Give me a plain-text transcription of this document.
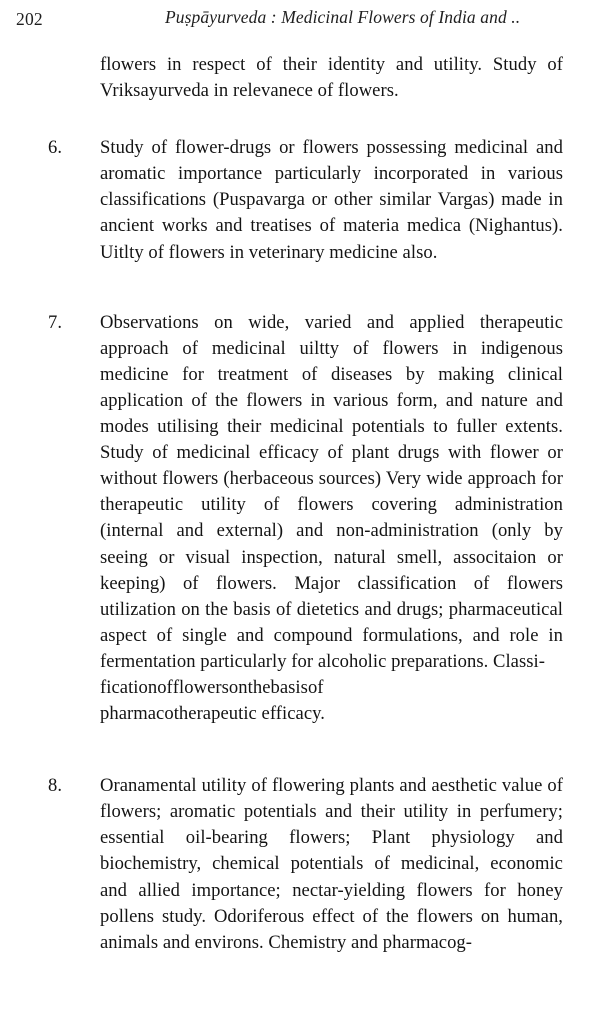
202	Puṣpāyurveda : Medicinal Flowers of India and ..

flowers in respect of their identity and utility. Study of Vriksayurveda in relevanece of flowers.

6.	Study of flower-drugs or flowers possessing medicinal and aromatic importance particularly incorporated in various classifications (Puspavarga or other similar Vargas) made in ancient works and treatises of materia medica (Nighantus). Uitlty of flowers in veterinary medicine also.

7.	Observations on wide, varied and applied therapeutic approach of medicinal uiltty of flowers in indigenous medicine for treatment of diseases by making clinical application of the flowers in various form, and nature and modes utilising their medicinal potentials to fuller extents. Study of medicinal efficacy of plant drugs with flower or without flowers (herbaceous sources) Very wide approach for therapeutic utility of flowers covering administration (internal and external) and non-administration (only by seeing or visual inspection, natural smell, associtaion or keeping) of flowers. Major classification of flowers utilization on the basis of dietetics and drugs; pharmaceutical aspect of single and compound formulations, and role in fermentation particularly for alcoholic preparations. Classi-
ficationofflowersonthebasisof
pharmacotherapeutic efficacy.

8.	Oranamental utility of flowering plants and aesthetic value of flowers; aromatic potentials and their utility in perfumery; essential oil-bearing flowers; Plant physiology and biochemistry, chemical potentials of medicinal, economic and allied importance; nectar-yielding flowers for honey pollens study. Odoriferous effect of the flowers on human, animals and environs. Chemistry and pharmacog-
